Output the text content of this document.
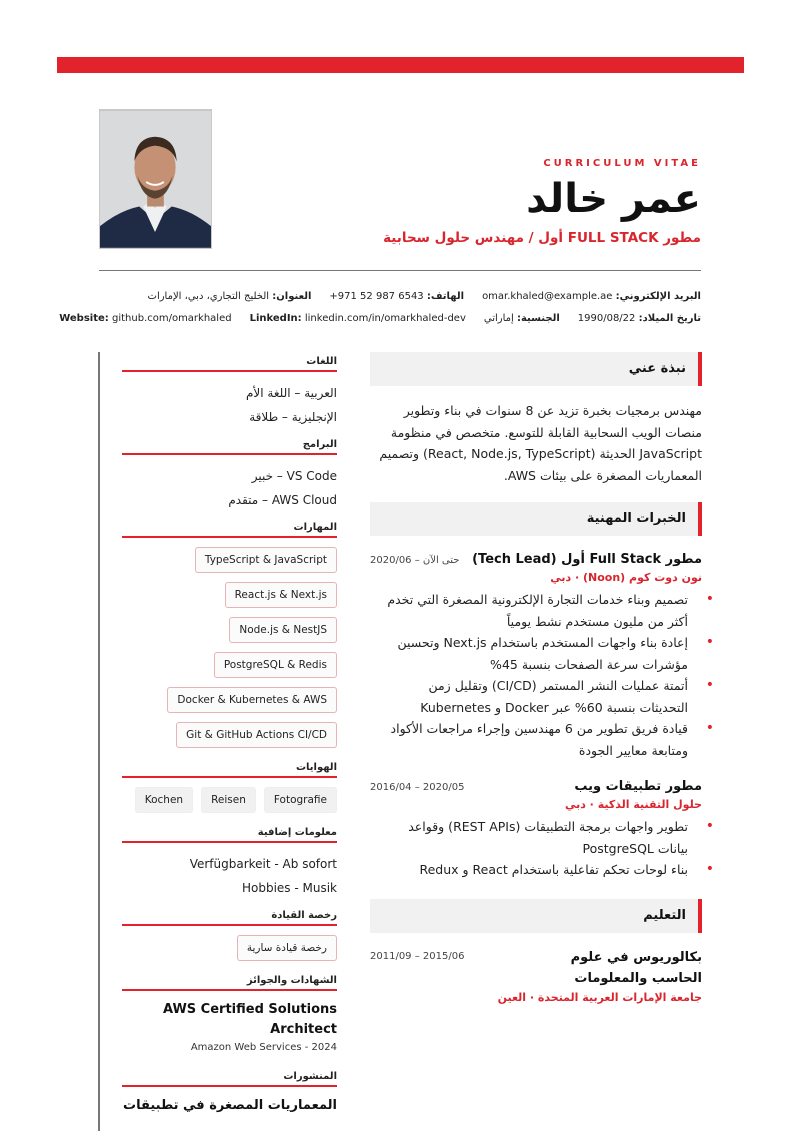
CURRICULUM VITAE
عمر خالد
مطور FULL STACK أول / مهندس حلول سحابية
البريد الإلكتروني: omar.khaled@example.ae
الهاتف: +971 52 987 6543
العنوان: الخليج التجاري، دبي، الإمارات
تاريخ الميلاد: 1990/08/22
الجنسية: إماراتي
LinkedIn: linkedin.com/in/omarkhaled-dev
Website: github.com/omarkhaled
اللغات
العربية – اللغة الأم
الإنجليزية – طلاقة
البرامج
VS Code – خبير
AWS Cloud – متقدم
المهارات
TypeScript & JavaScript
React.js & Next.js
Node.js & NestJS
PostgreSQL & Redis
Docker & Kubernetes & AWS
Git & GitHub Actions CI/CD
الهوايات
Fotografie
Reisen
Kochen
معلومات إضافية
Verfügbarkeit - Ab sofort
Hobbies - Musik
رخصة القيادة
رخصة قيادة سارية
الشهادات والجوائز
AWS Certified Solutions Architect
Amazon Web Services - 2024
المنشورات
المعماريات المصغرة في تطبيقات
نبذة عني
مهندس برمجيات بخبرة تزيد عن 8 سنوات في بناء وتطوير منصات الويب السحابية القابلة للتوسع. متخصص في منظومة JavaScript الحديثة (React, Node.js, TypeScript) وتصميم المعماريات المصغرة على بيئات AWS.
الخبرات المهنية
مطور Full Stack أول (Tech Lead)
2020/06 – حتى الآن
نون دوت كوم (Noon) · دبي
• تصميم وبناء خدمات التجارة الإلكترونية المصغرة التي تخدم أكثر من مليون مستخدم نشط يومياً
• إعادة بناء واجهات المستخدم باستخدام Next.js وتحسين مؤشرات سرعة الصفحات بنسبة 45%
• أتمتة عمليات النشر المستمر (CI/CD) وتقليل زمن التحديثات بنسبة 60% عبر Docker و Kubernetes
• قيادة فريق تطوير من 6 مهندسين وإجراء مراجعات الأكواد ومتابعة معايير الجودة
مطور تطبيقات ويب
2016/04 – 2020/05
حلول التقنية الذكية · دبي
• تطوير واجهات برمجة التطبيقات (REST APIs) وقواعد بيانات PostgreSQL
• بناء لوحات تحكم تفاعلية باستخدام React و Redux
التعليم
بكالوريوس في علوم الحاسب والمعلومات
2011/09 – 2015/06
جامعة الإمارات العربية المتحدة · العين
